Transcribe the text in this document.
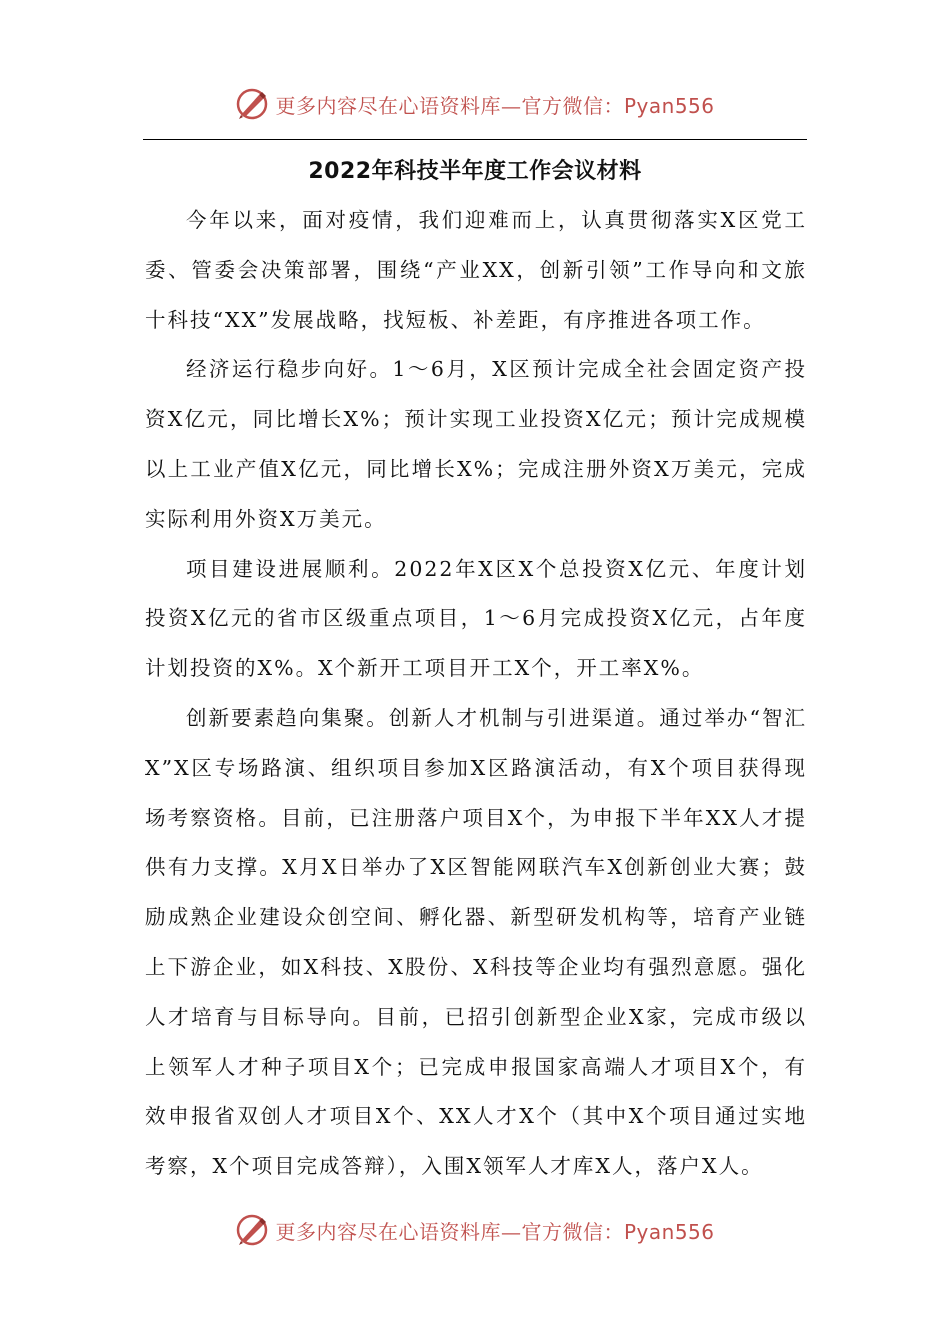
更多内容尽在心语资料库—官方微信：Pyan556
2022年科技半年度工作会议材料

今年以来，面对疫情，我们迎难而上，认真贯彻落实X区党工委、管委会决策部署，围绕“产业XX，创新引领”工作导向和文旅十科技“XX”发展战略，找短板、补差距，有序推进各项工作。

经济运行稳步向好。1～6月，X区预计完成全社会固定资产投资X亿元，同比增长X%；预计实现工业投资X亿元；预计完成规模以上工业产值X亿元，同比增长X%；完成注册外资X万美元，完成实际利用外资X万美元。

项目建设进展顺利。2022年X区X个总投资X亿元、年度计划投资X亿元的省市区级重点项目，1～6月完成投资X亿元，占年度计划投资的X%。X个新开工项目开工X个，开工率X%。

创新要素趋向集聚。创新人才机制与引进渠道。通过举办“智汇X”X区专场路演、组织项目参加X区路演活动，有X个项目获得现场考察资格。目前，已注册落户项目X个，为申报下半年XX人才提供有力支撑。X月X日举办了X区智能网联汽车X创新创业大赛；鼓励成熟企业建设众创空间、孵化器、新型研发机构等，培育产业链上下游企业，如X科技、X股份、X科技等企业均有强烈意愿。强化人才培育与目标导向。目前，已招引创新型企业X家，完成市级以上领军人才种子项目X个；已完成申报国家高端人才项目X个，有效申报省双创人才项目X个、XX人才X个（其中X个项目通过实地考察，X个项目完成答辩），入围X领军人才库X人，落户X人。

更多内容尽在心语资料库—官方微信：Pyan556
